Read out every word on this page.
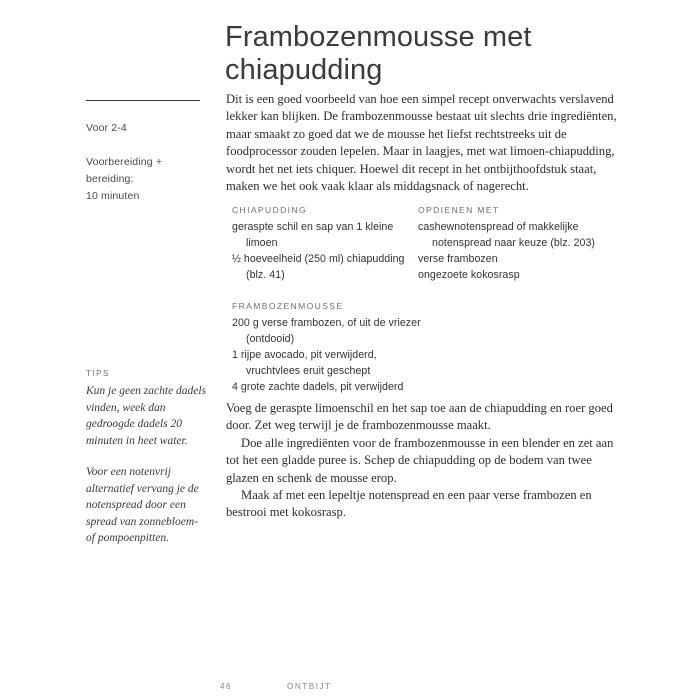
Frambozenmousse met
chiapudding
Voor 2-4
Voorbereiding +
bereiding:
10 minuten
TIPS

Kun je geen zachte dadels vinden, week dan gedroogde dadels 20 minuten in heet water.

Voor een notenvrij alternatief vervang je de notenspread door een spread van zonnebloem- of pompoenpitten.

Dit is een goed voorbeeld van hoe een simpel recept onverwachts verslavend lekker kan blijken. De frambozenmousse bestaat uit slechts drie ingrediënten, maar smaakt zo goed dat we de mousse het liefst rechtstreeks uit de foodprocessor zouden lepelen. Maar in laagjes, met wat limoen-chiapudding, wordt het net iets chiquer. Hoewel dit recept in het ontbijthoofdstuk staat, maken we het ook vaak klaar als middagsnack of nagerecht.

CHIAPUDDING
geraspte schil en sap van 1 kleine limoen
½ hoeveelheid (250 ml) chiapudding (blz. 41)
OPDIENEN MET
cashewnotenspread of makkelijke notenspread naar keuze (blz. 203)
verse frambozen
ongezoete kokosrasp
FRAMBOZENMOUSSE
200 g verse frambozen, of uit de vriezer (ontdooid)
1 rijpe avocado, pit verwijderd, vruchtvlees eruit geschept
4 grote zachte dadels, pit verwijderd

Voeg de geraspte limoenschil en het sap toe aan de chiapudding en roer goed door. Zet weg terwijl je de frambozenmousse maakt.

Doe alle ingrediënten voor de frambozenmousse in een blender en zet aan tot het een gladde puree is. Schep de chiapudding op de bodem van twee glazen en schenk de mousse erop.

Maak af met een lepeltje notenspread en een paar verse frambozen en bestrooi met kokosrasp.

46	ONTBIJT
